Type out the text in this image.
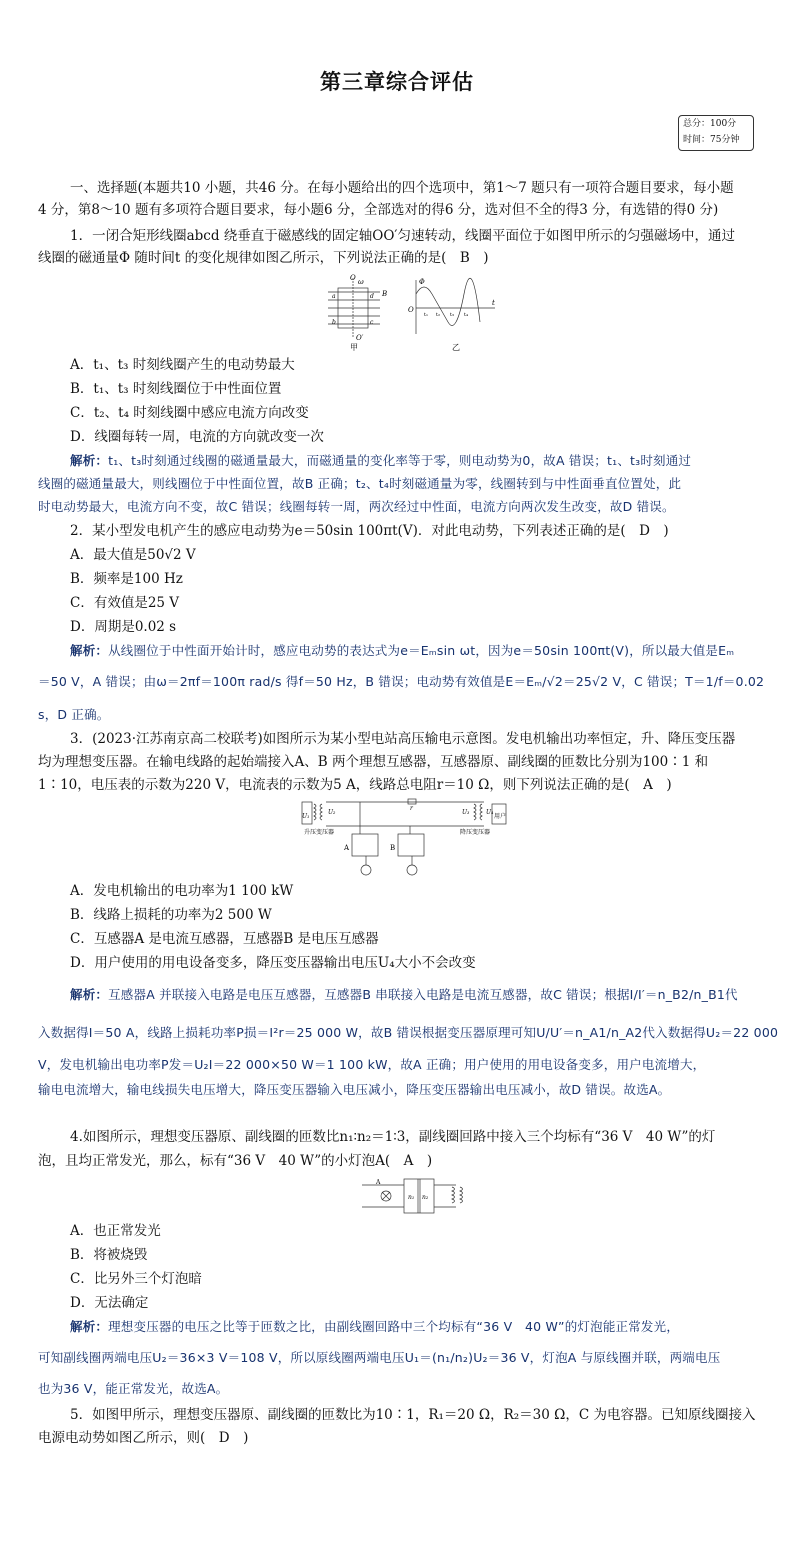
第三章综合评估
总分：100分
时间：75分钟
一、选择题(本题共10 小题，共46 分。在每小题给出的四个选项中，第1～7 题只有一项符合题目要求，每小题
4 分，第8～10 题有多项符合题目要求，每小题6 分，全部选对的得6 分，选对但不全的得3 分，有选错的得0 分)
1．一闭合矩形线圈abcd 绕垂直于磁感线的固定轴OO′匀速转动，线圈平面位于如图甲所示的匀强磁场中，通过
线圈的磁通量Φ 随时间t 的变化规律如图乙所示，下列说法正确的是(　B　)
O ω
B
a	d
b	c
O′
甲
Φ
t
O
t₁ t₂ t₃ t₄
乙
A．t₁、t₃ 时刻线圈产生的电动势最大
B．t₁、t₃ 时刻线圈位于中性面位置
C．t₂、t₄ 时刻线圈中感应电流方向改变
D．线圈每转一周，电流的方向就改变一次
解析：t₁、t₃时刻通过线圈的磁通量最大，而磁通量的变化率等于零，则电动势为0，故A 错误；t₁、t₃时刻通过
线圈的磁通量最大，则线圈位于中性面位置，故B 正确；t₂、t₄时刻磁通量为零，线圈转到与中性面垂直位置处，此
时电动势最大，电流方向不变，故C 错误；线圈每转一周，两次经过中性面，电流方向两次发生改变，故D 错误。
2．某小型发电机产生的感应电动势为e＝50sin 100πt(V)．对此电动势，下列表述正确的是(　D　)
A．最大值是50√2 V
B．频率是100 Hz
C．有效值是25 V
D．周期是0.02 s
解析：从线圈位于中性面开始计时，感应电动势的表达式为e＝Eₘsin ωt，因为e＝50sin 100πt(V)，所以最大值是Eₘ
＝50 V，A 错误；由ω＝2πf＝100π rad/s 得f＝50 Hz，B 错误；电动势有效值是E＝Eₘ/√2＝25√2 V，C 错误；T＝1/f＝0.02
s，D 正确。
3．(2023·江苏南京高二校联考)如图所示为某小型电站高压输电示意图。发电机输出功率恒定，升、降压变压器
均为理想变压器。在输电线路的起始端接入A、B 两个理想互感器，互感器原、副线圈的匝数比分别为100∶1 和
1∶10，电压表的示数为220 V，电流表的示数为5 A，线路总电阻r＝10 Ω，则下列说法正确的是(　A　)
U₁
U₂	U₃	U₄
r
用户
升压变压器	降压变压器
A	B
A．发电机输出的电功率为1 100 kW
B．线路上损耗的功率为2 500 W
C．互感器A 是电流互感器，互感器B 是电压互感器
D．用户使用的用电设备变多，降压变压器输出电压U₄大小不会改变
解析：互感器A 并联接入电路是电压互感器，互感器B 串联接入电路是电流互感器，故C 错误；根据I/I′＝n_B2/n_B1代
入数据得I＝50 A，线路上损耗功率P损＝I²r＝25 000 W，故B 错误根据变压器原理可知U/U′＝n_A1/n_A2代入数据得U₂＝22 000
V，发电机输出电功率P发＝U₂I＝22 000×50 W＝1 100 kW，故A 正确；用户使用的用电设备变多，用户电流增大，
输电电流增大，输电线损失电压增大，降压变压器输入电压减小，降压变压器输出电压减小，故D 错误。故选A。
4.如图所示，理想变压器原、副线圈的匝数比n₁∶n₂＝1∶3，副线圈回路中接入三个均标有“36 V　40 W”的灯
泡，且均正常发光，那么，标有“36 V　40 W”的小灯泡A(　A　)
n₁ n₂
A
A．也正常发光
B．将被烧毁
C．比另外三个灯泡暗
D．无法确定
解析：理想变压器的电压之比等于匝数之比，由副线圈回路中三个均标有“36 V　40 W”的灯泡能正常发光，
可知副线圈两端电压U₂＝36×3 V＝108 V，所以原线圈两端电压U₁＝(n₁/n₂)U₂＝36 V，灯泡A 与原线圈并联，两端电压
也为36 V，能正常发光，故选A。
5．如图甲所示，理想变压器原、副线圈的匝数比为10∶1，R₁＝20 Ω，R₂＝30 Ω，C 为电容器。已知原线圈接入
电源电动势如图乙所示，则(　D　)
